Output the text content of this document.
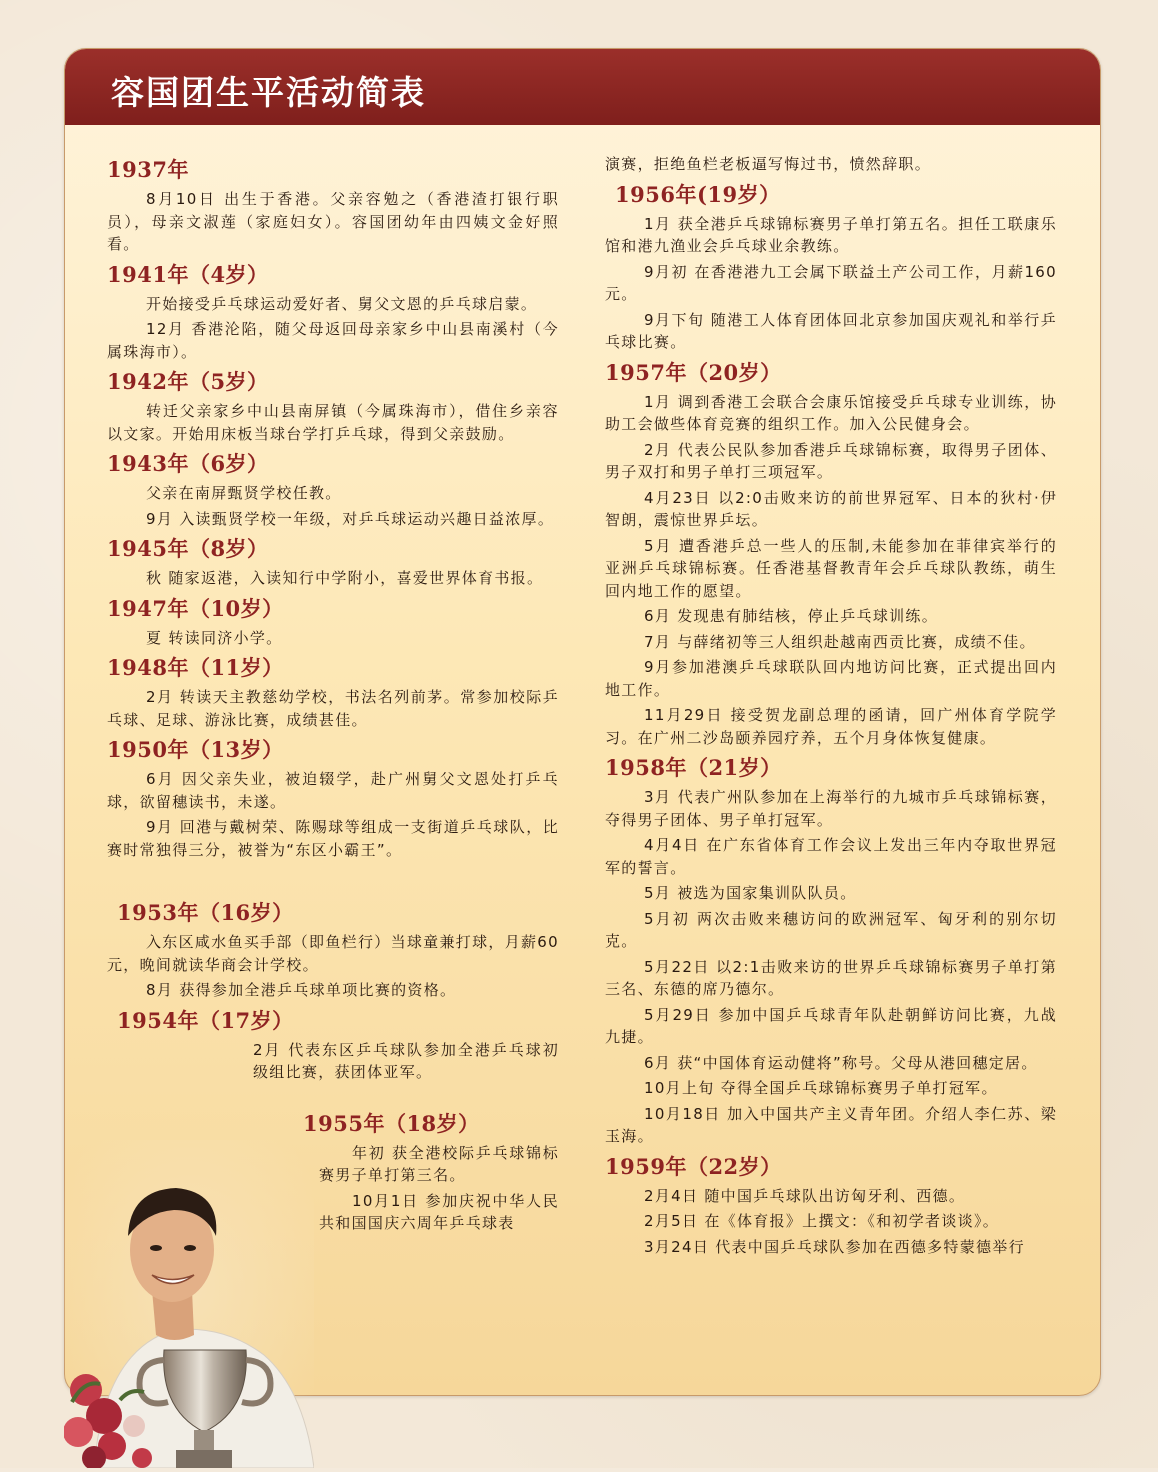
容国团生平活动简表
1937年

8月10日 出生于香港。父亲容勉之（香港渣打银行职员），母亲文淑莲（家庭妇女）。容国团幼年由四姨文金好照看。

1941年（4岁）

开始接受乒乓球运动爱好者、舅父文恩的乒乓球启蒙。

12月 香港沦陷，随父母返回母亲家乡中山县南溪村（今属珠海市）。

1942年（5岁）

转迁父亲家乡中山县南屏镇（今属珠海市），借住乡亲容以文家。开始用床板当球台学打乒乓球，得到父亲鼓励。

1943年（6岁）

父亲在南屏甄贤学校任教。

9月 入读甄贤学校一年级，对乒乓球运动兴趣日益浓厚。

1945年（8岁）

秋 随家返港，入读知行中学附小，喜爱世界体育书报。

1947年（10岁）

夏 转读同济小学。

1948年（11岁）

2月 转读天主教慈幼学校，书法名列前茅。常参加校际乒乓球、足球、游泳比赛，成绩甚佳。

1950年（13岁）

6月 因父亲失业，被迫辍学，赴广州舅父文恩处打乒乓球，欲留穗读书，未遂。

9月 回港与戴树荣、陈赐球等组成一支街道乒乓球队，比赛时常独得三分，被誉为“东区小霸王”。

1953年（16岁）

入东区咸水鱼买手部（即鱼栏行）当球童兼打球，月薪60元，晚间就读华商会计学校。

8月 获得参加全港乒乓球单项比赛的资格。

1954年（17岁）

2月 代表东区乒乓球队参加全港乒乓球初级组比赛，获团体亚军。

1955年（18岁）

年初 获全港校际乒乓球锦标赛男子单打第三名。

10月1日 参加庆祝中华人民共和国国庆六周年乒乓球表

演赛，拒绝鱼栏老板逼写悔过书，愤然辞职。

1956年(19岁）

1月 获全港乒乓球锦标赛男子单打第五名。担任工联康乐馆和港九渔业会乒乓球业余教练。

9月初 在香港港九工会属下联益土产公司工作，月薪160元。

9月下旬 随港工人体育团体回北京参加国庆观礼和举行乒乓球比赛。

1957年（20岁）

1月 调到香港工会联合会康乐馆接受乒乓球专业训练，协助工会做些体育竞赛的组织工作。加入公民健身会。

2月 代表公民队参加香港乒乓球锦标赛，取得男子团体、男子双打和男子单打三项冠军。

4月23日 以2:0击败来访的前世界冠军、日本的狄村·伊智朗，震惊世界乒坛。

5月 遭香港乒总一些人的压制,未能参加在菲律宾举行的亚洲乒乓球锦标赛。任香港基督教青年会乒乓球队教练，萌生回内地工作的愿望。

6月 发现患有肺结核，停止乒乓球训练。

7月 与薛绪初等三人组织赴越南西贡比赛，成绩不佳。

9月参加港澳乒乓球联队回内地访问比赛，正式提出回内地工作。

11月29日 接受贺龙副总理的函请，回广州体育学院学习。在广州二沙岛颐养园疗养，五个月身体恢复健康。

1958年（21岁）

3月 代表广州队参加在上海举行的九城市乒乓球锦标赛，夺得男子团体、男子单打冠军。

4月4日 在广东省体育工作会议上发出三年内夺取世界冠军的誓言。

5月 被选为国家集训队队员。

5月初 两次击败来穗访问的欧洲冠军、匈牙利的别尔切克。

5月22日 以2:1击败来访的世界乒乓球锦标赛男子单打第三名、东德的席乃德尔。

5月29日 参加中国乒乓球青年队赴朝鲜访问比赛，九战九捷。

6月 获“中国体育运动健将”称号。父母从港回穗定居。

10月上旬 夺得全国乒乓球锦标赛男子单打冠军。

10月18日 加入中国共产主义青年团。介绍人李仁苏、梁玉海。

1959年（22岁）

2月4日 随中国乒乓球队出访匈牙利、西德。

2月5日 在《体育报》上撰文：《和初学者谈谈》。

3月24日 代表中国乒乓球队参加在西德多特蒙德举行
